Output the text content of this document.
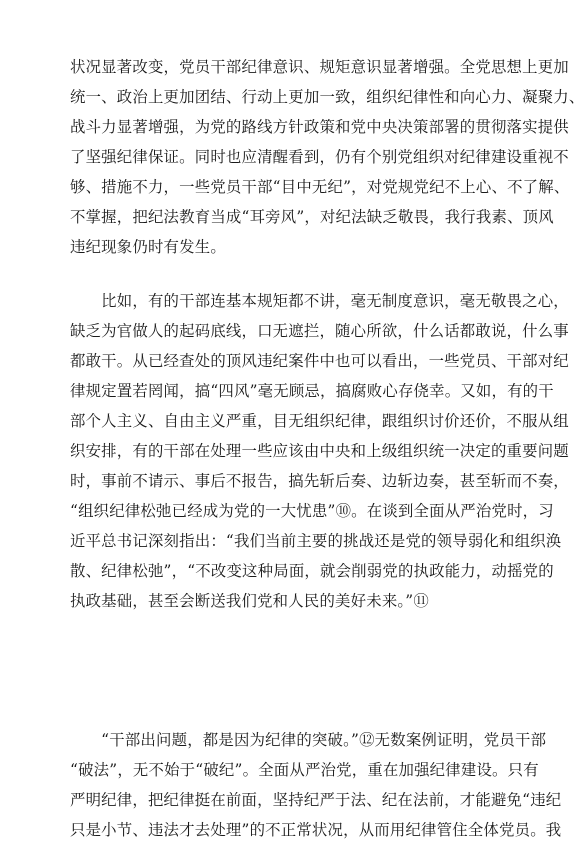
状况显著改变，党员干部纪律意识、规矩意识显著增强。全党思想上更加
统一、政治上更加团结、行动上更加一致，组织纪律性和向心力、凝聚力、
战斗力显著增强，为党的路线方针政策和党中央决策部署的贯彻落实提供
了坚强纪律保证。同时也应清醒看到，仍有个别党组织对纪律建设重视不
够、措施不力，一些党员干部“目中无纪”，对党规党纪不上心、不了解、
不掌握，把纪法教育当成“耳旁风”，对纪法缺乏敬畏，我行我素、顶风
违纪现象仍时有发生。
　　比如，有的干部连基本规矩都不讲，毫无制度意识，毫无敬畏之心，
缺乏为官做人的起码底线，口无遮拦，随心所欲，什么话都敢说，什么事
都敢干。从已经查处的顶风违纪案件中也可以看出，一些党员、干部对纪
律规定置若罔闻，搞“四风”毫无顾忌，搞腐败心存侥幸。又如，有的干
部个人主义、自由主义严重，目无组织纪律，跟组织讨价还价，不服从组
织安排，有的干部在处理一些应该由中央和上级组织统一决定的重要问题
时，事前不请示、事后不报告，搞先斩后奏、边斩边奏，甚至斩而不奏，
“组织纪律松弛已经成为党的一大忧患”⑩。在谈到全面从严治党时，习
近平总书记深刻指出：“我们当前主要的挑战还是党的领导弱化和组织涣
散、纪律松弛”，“不改变这种局面，就会削弱党的执政能力，动摇党的
执政基础，甚至会断送我们党和人民的美好未来。”⑪
　　“干部出问题，都是因为纪律的突破。”⑫无数案例证明，党员干部
“破法”，无不始于“破纪”。全面从严治党，重在加强纪律建设。只有
严明纪律，把纪律挺在前面，坚持纪严于法、纪在法前，才能避免“违纪
只是小节、违法才去处理”的不正常状况，从而用纪律管住全体党员。我
